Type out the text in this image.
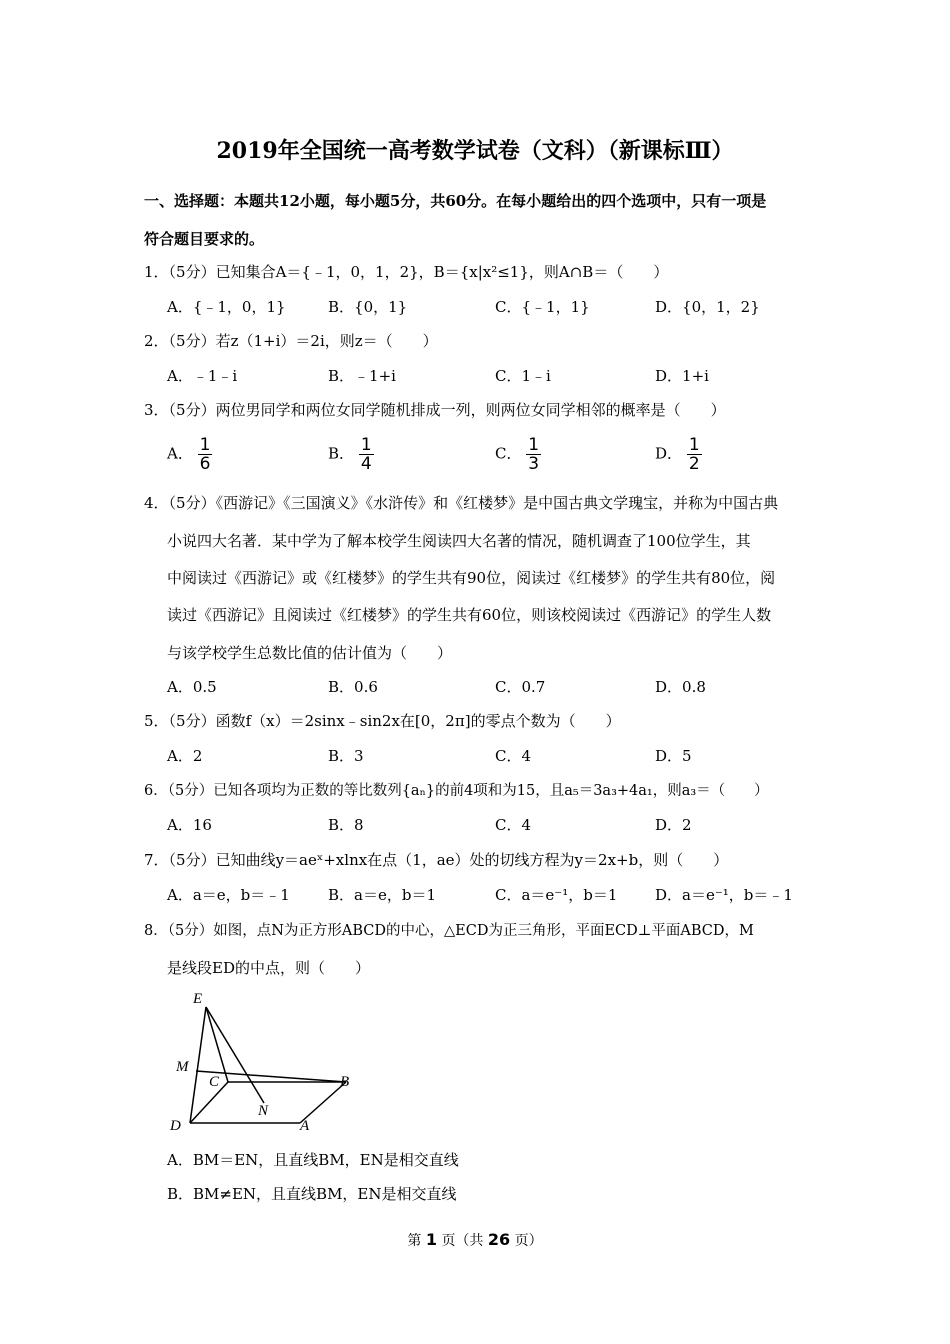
2019年全国统一高考数学试卷（文科）（新课标Ⅲ）
一、选择题：本题共12小题，每小题5分，共60分。在每小题给出的四个选项中，只有一项是
符合题目要求的。
1．（5分）已知集合A＝{﹣1，0，1，2}，B＝{x|x²≤1}，则A∩B＝（　　）
A．{﹣1，0，1}	B．{0，1}	C．{﹣1，1}	D．{0，1，2}
2．（5分）若z（1+i）＝2i，则z＝（　　）
A．﹣1﹣i	B．﹣1+i	C．1﹣i	D．1+i
3．（5分）两位男同学和两位女同学随机排成一列，则两位女同学相邻的概率是（　　）
A． $\frac{1}{6}$	B． $\frac{1}{4}$	C． $\frac{1}{3}$	D． $\frac{1}{2}$
4．（5分）《西游记》《三国演义》《水浒传》和《红楼梦》是中国古典文学瑰宝，并称为中国古典
小说四大名著．某中学为了解本校学生阅读四大名著的情况，随机调查了100位学生，其
中阅读过《西游记》或《红楼梦》的学生共有90位，阅读过《红楼梦》的学生共有80位，阅
读过《西游记》且阅读过《红楼梦》的学生共有60位，则该校阅读过《西游记》的学生人数
与该学校学生总数比值的估计值为（　　）
A．0.5	B．0.6	C．0.7	D．0.8
5．（5分）函数f（x）＝2sinx﹣sin2x在[0，2π]的零点个数为（　　）
A．2	B．3	C．4	D．5
6．（5分）已知各项均为正数的等比数列{aₙ}的前4项和为15，且a₅＝3a₃+4a₁，则a₃＝（　　）
A．16	B．8	C．4	D．2
7．（5分）已知曲线y＝aeˣ+xlnx在点（1，ae）处的切线方程为y＝2x+b，则（　　）
A．a＝e，b＝﹣1	B．a＝e，b＝1	C．a＝e⁻¹，b＝1	D．a＝e⁻¹，b＝﹣1
8．（5分）如图，点N为正方形ABCD的中心，△ECD为正三角形，平面ECD⊥平面ABCD，M
是线段ED的中点，则（　　）
E
M
C	B
N
D	A
A．BM＝EN，且直线BM，EN是相交直线
B．BM≠EN，且直线BM，EN是相交直线
第 1 页（共 26 页）
